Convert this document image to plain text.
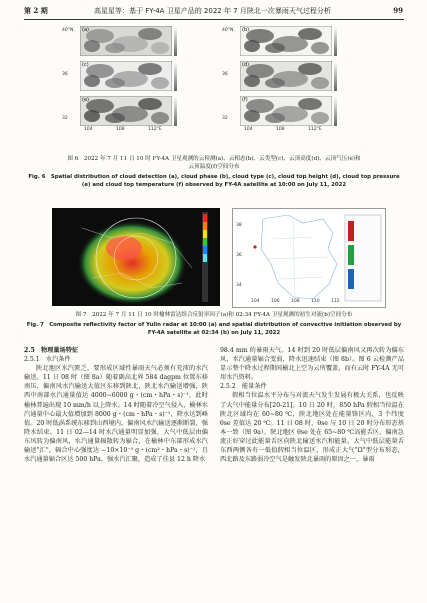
第 2 期	高星星等：基于 FY-4A 卫星产品的 2022 年 7 月陕北一次暴雨天气过程分析	99
(a)	(b)
(c)	(d)
(e)	(f)
40°N	40°N
36	36
32	32
104	108	112°E	104	108	112°E
图 6　2022 年 7 月 11 日 10 时 FY-4A 卫星观测的云检测(a)、云相态(b)、云类型(c)、云顶高度(d)、云顶气压(e)和
云顶温度(f)空间分布
Fig. 6　Spatial distribution of cloud detection (a), cloud phase (b), cloud type (c), cloud top height (d), cloud top pressure
(e) and cloud top temperature (f) observed by FY-4A satellite at 10:00 on July 11, 2022
38
36
34
104	106	108	110	112
图 7　2022 年 7 月 11 日 10 时榆林雷达组合反射率因子(a)和 02:34 FY-4A 卫星观测的初生对流(b)空间分布
Fig. 7　Composite reflectivity factor of Yulin radar at 10:00 (a) and spatial distribution of convective initiation observed by
FY-4A satellite at 02:34 (b) on July 11, 2022

2.5　物理量场特征

2.5.1　水汽条件

陕北地区水汽匮乏，要形成区域性暴雨天气必须有充沛的水汽输送。11 日 08 时（图 8a）随着副高北界 584 dagpm 位置东移南压，偏南风水汽输送大值区东移到陕北，陕北水汽输送增强，陕西中南部水汽通量值达 4000~6000 g・(cm・hPa・s)⁻¹，此时榆林普遍出现 10 mm/h 以上降水。14 时随着冷空气侵入，榆林水汽通量中心最大值增加到 8000 g・(cm・hPa・s)⁻¹，降水达到峰值。20 时低涡系统东移到山西境内，偏南风水汽输送逐渐断裂，强降水结束。11 日 02—14 时水汽通量明显加强，大气中低层由偏东风转为偏南风，水汽通量辐散转为辐合，在榆林中东部形成水汽输送"汇"，辐合中心强度达 −10×10⁻⁵ g・(cm²・hPa・s)⁻¹，且水汽通量辐合区达 500 hPa。强水汽汇聚，造成了佳县 12 h 降水

98.4 mm 的暴雨天气。14 时到 20 时低层偏南风又再次转为偏东风，水汽通量辐合变弱，降水迅速结束（图 8b）。图 6 云检测产品显示整个降水过程期间榆北上空为云所覆盖，而有云时 FY-4A 无可用水汽资料。

2.5.2　能量条件

假相当位温水平分布与对流天气发生发展有极大关系，也反映了大气中能量分布[20-21]。10 日 20 时，850 hPa 假相当位温在陕北区域均在 60~80 ℃，陕北地区处在能量锋区内，3 个纬度 θse 差值达 20 ℃。11 日 08 时，θse 与 10 日 20 时分布形态基本一致（图 9a），陕北地区 θse 处在 65~80 ℃高能舌区。偏南急流正好穿过此能量舌区向陕北输送水汽和能量。大气中低层能量舌东西两侧各有一低值假相当位温区，形成正大气"Ω"型分布形态，西北路及东路弱冷空气是触发陕北暴雨的原因之一，暴雨
